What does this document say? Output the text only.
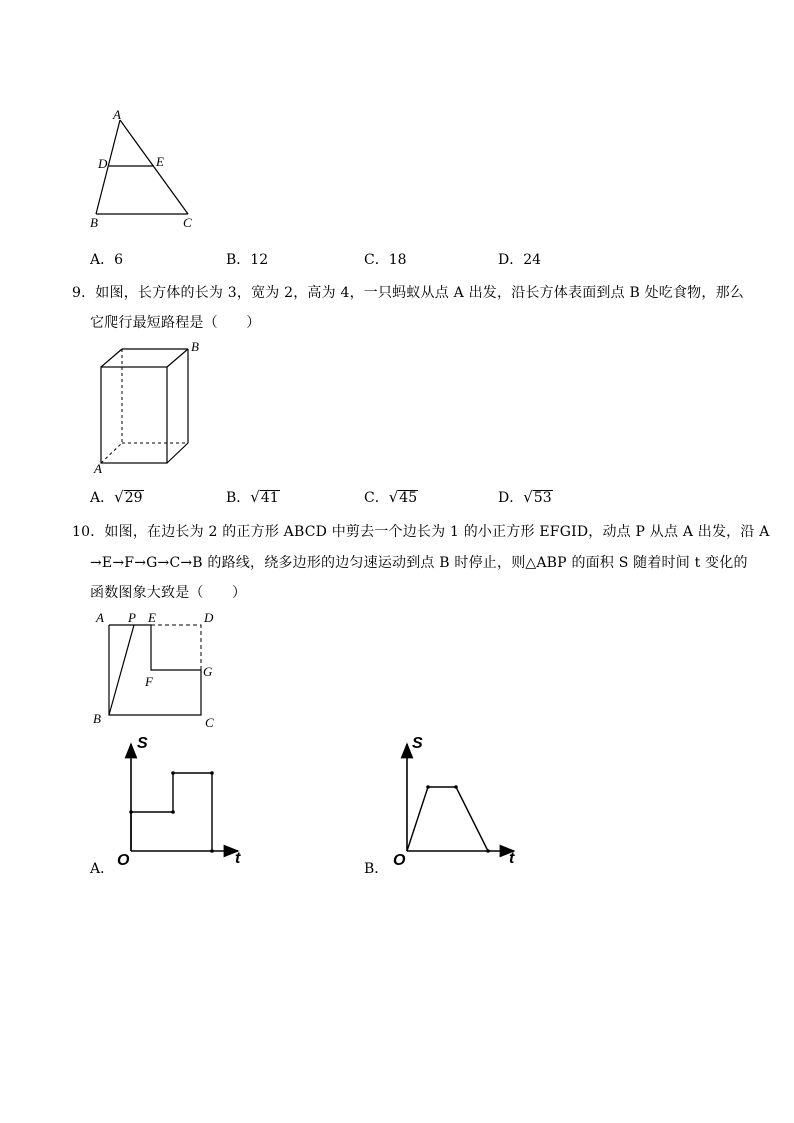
A
D	E
B	C
A．6	B．12	C．18	D．24
9．如图，长方体的长为 3，宽为 2，高为 4，一只蚂蚁从点 A 出发，沿长方体表面到点 B 处吃食物，那么
它爬行最短路程是（　　）
B
A
A．√29	B．√41	C．√45	D．√53
10．如图，在边长为 2 的正方形 ABCD 中剪去一个边长为 1 的小正方形 EFGID，动点 P 从点 A 出发，沿 A
→E→F→G→C→B 的路线，绕多边形的边匀速运动到点 B 时停止，则△ABP 的面积 S 随着时间 t 变化的
函数图象大致是（　　）
A P E	D
F
G
B	C
S
O	t
A．
S
O	t
B．
